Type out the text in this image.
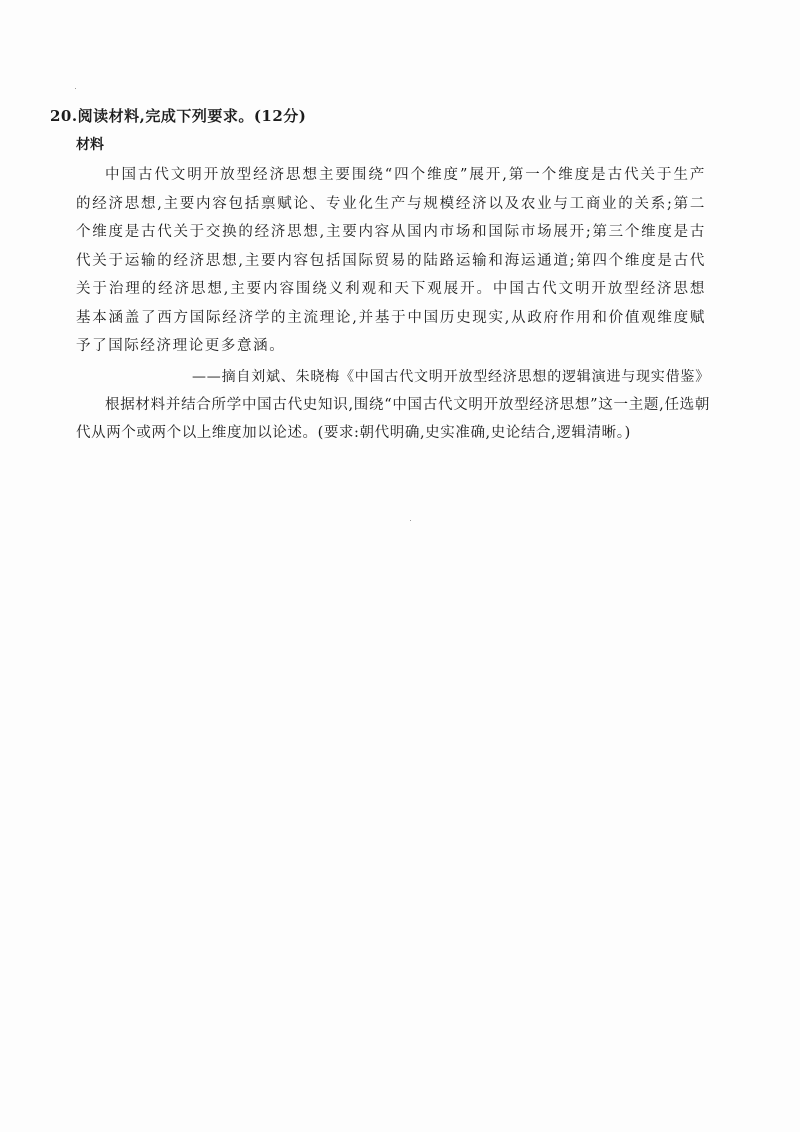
20.阅读材料,完成下列要求。(12分)
材料
中国古代文明开放型经济思想主要围绕“四个维度”展开,第一个维度是古代关于生产的经济思想,主要内容包括禀赋论、专业化生产与规模经济以及农业与工商业的关系;第二个维度是古代关于交换的经济思想,主要内容从国内市场和国际市场展开;第三个维度是古代关于运输的经济思想,主要内容包括国际贸易的陆路运输和海运通道;第四个维度是古代关于治理的经济思想,主要内容围绕义利观和天下观展开。中国古代文明开放型经济思想基本涵盖了西方国际经济学的主流理论,并基于中国历史现实,从政府作用和价值观维度赋予了国际经济理论更多意涵。
——摘自刘斌、朱晓梅《中国古代文明开放型经济思想的逻辑演进与现实借鉴》
根据材料并结合所学中国古代史知识,围绕“中国古代文明开放型经济思想”这一主题,任选朝代从两个或两个以上维度加以论述。(要求:朝代明确,史实准确,史论结合,逻辑清晰。)
